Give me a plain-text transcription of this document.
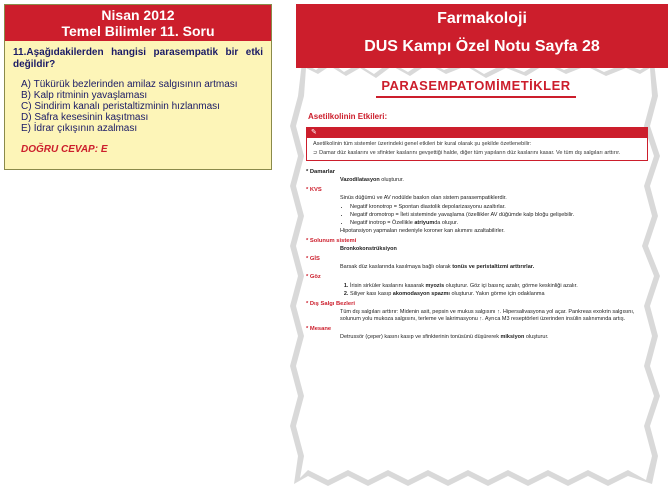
Nisan 2012
Temel Bilimler 11. Soru
11.Aşağıdakilerden hangisi parasempatik bir etki değildir?
A) Tükürük bezlerinden amilaz salgısının artması
B) Kalp ritminin yavaşlaması
C) Sindirim kanalı peristaltizminin hızlanması
D) Safra kesesinin kaşıtması
E) İdrar çıkışının azalması
DOĞRU CEVAP: E
Farmakoloji
DUS Kampı Özel Notu Sayfa 28
PARASEMPATOMİMETİKLER
Asetilkolinin Etkileri:
✎
Asetilkolinin tüm sistemler üzerindeki genel etkileri bir kural olarak şu şekilde özetlenebilir:
⊃ Damar düz kaslarını ve sfinkter kaslarını gevşettiği halde, diğer tüm yapıların düz kaslarını kasar. Ve tüm dış salgıları arttırır.
* Damarlar
Vazodilatasyon oluşturur.
* KVS
Sinüs düğümü ve AV nodülde baskın olan sistem parasempatiklerdir.
• Negatif kronotrop = Spontan diastolik depolarizasyonu azaltırlar.
• Negatif dromotrop = İleti sisteminde yavaşlama (özellikler AV düğümde kalp bloğu gelişebilir.
• Negatif inotrop = Özellikle atriyumda oluşur.
Hipotansiyon yapmaları nedeniyle koroner kan akımını azaltabilirler.
* Solunum sistemi
Bronkokonstrüksiyon
* GİS
Barsak düz kaslarında kasılmaya bağlı olarak tonüs ve peristaltizmi arttırırlar.
* Göz
1. İrisin sirküler kaslarını kasarak myozis oluşturur. Göz içi basınç azalır, görme keskinliği azalır.
2. Siliyer kası kasıp akomodasyon spazmı oluşturur. Yakın görme için odaklanma
* Dış Salgı Bezleri
Tüm dış salgıları arttırır: Midenin asit, pepsin ve mukus salgısını ↑. Hipersalivasyona yol açar. Pankreas exokrin salgısını, solunum yolu mukoza salgısını, terleme ve lakrimasyonu ↑. Ayrıca M3 reseptörleri üzerinden insülin salınımında artış.
* Mesane
Detrussör (çeper) kasını kasıp ve sfinkterinin tonüsünü düşürerek miksiyon oluşturur.
